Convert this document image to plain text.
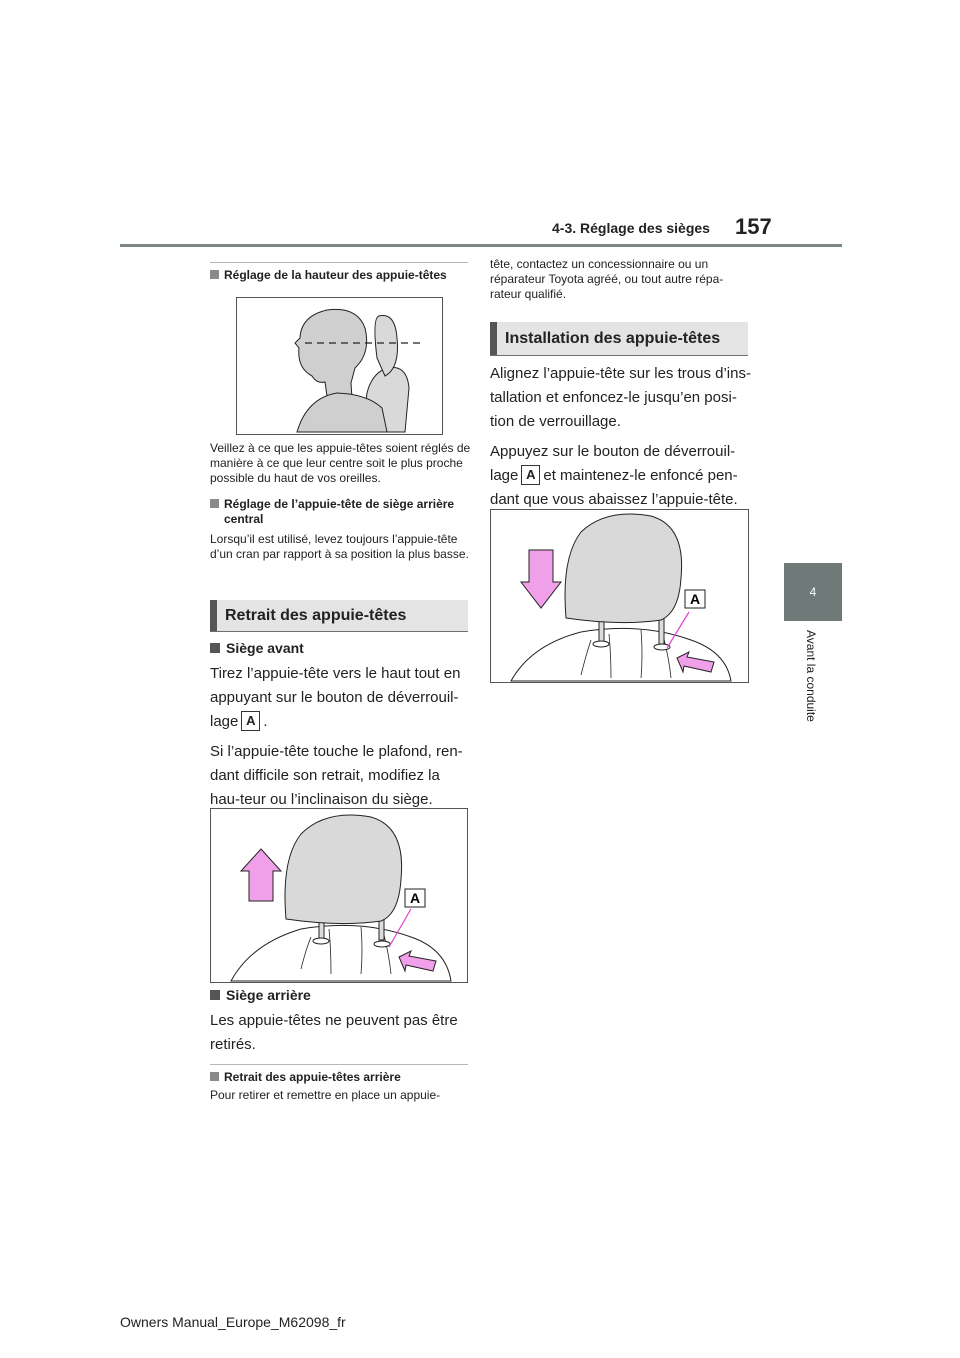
4-3. Réglage des sièges 157
4
Avant la conduite
Réglage de la hauteur des appuie-têtes
Veillez à ce que les appuie-têtes soient réglés de manière à ce que leur centre soit le plus proche possible du haut de vos oreilles.
Réglage de l’appuie-tête de siège arrière central
Lorsqu’il est utilisé, levez toujours l’appuie-tête d’un cran par rapport à sa position la plus basse.
Retrait des appuie-têtes
Siège avant

Tirez l’appuie-tête vers le haut tout en appuyant sur le bouton de déverrouil-lage A .

Si l’appuie-tête touche le plafond, ren-dant difficile son retrait, modifiez la hau-teur ou l’inclinaison du siège.

A
Siège arrière
Les appuie-têtes ne peuvent pas être retirés.
Retrait des appuie-têtes arrière
Pour retirer et remettre en place un appuie-
tête, contactez un concessionnaire ou un réparateur Toyota agréé, ou tout autre répa-rateur qualifié.
Installation des appuie-têtes

Alignez l’appuie-tête sur les trous d’ins-tallation et enfoncez-le jusqu’en posi-tion de verrouillage.

Appuyez sur le bouton de déverrouil-lage A et maintenez-le enfoncé pen-dant que vous abaissez l’appuie-tête.

A
Owners Manual_Europe_M62098_fr
